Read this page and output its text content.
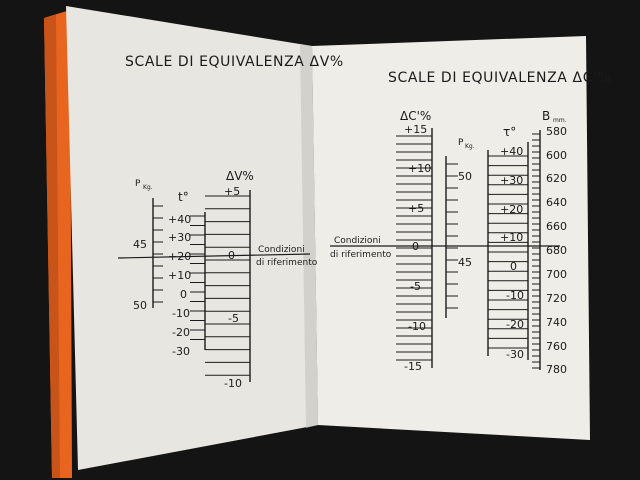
SCALE DI EQUIVALENZA ΔV%
P Kg.
45
50
t°
+40
+30
+20
+10
0
-10
-20
-30
ΔV%
+5
0
-5
-10
Condizioni
di riferimento
SCALE DI EQUIVALENZA ΔC'%
ΔC'%
+15
+10
+5
0
-5
-10
-15
P Kg.
50
45
τ°
+40
+30
+20
+10
0
-10
-20
-30
B mm.
580
600
620
640
660
680
700
720
740
760
780
Condizioni
di riferimento
